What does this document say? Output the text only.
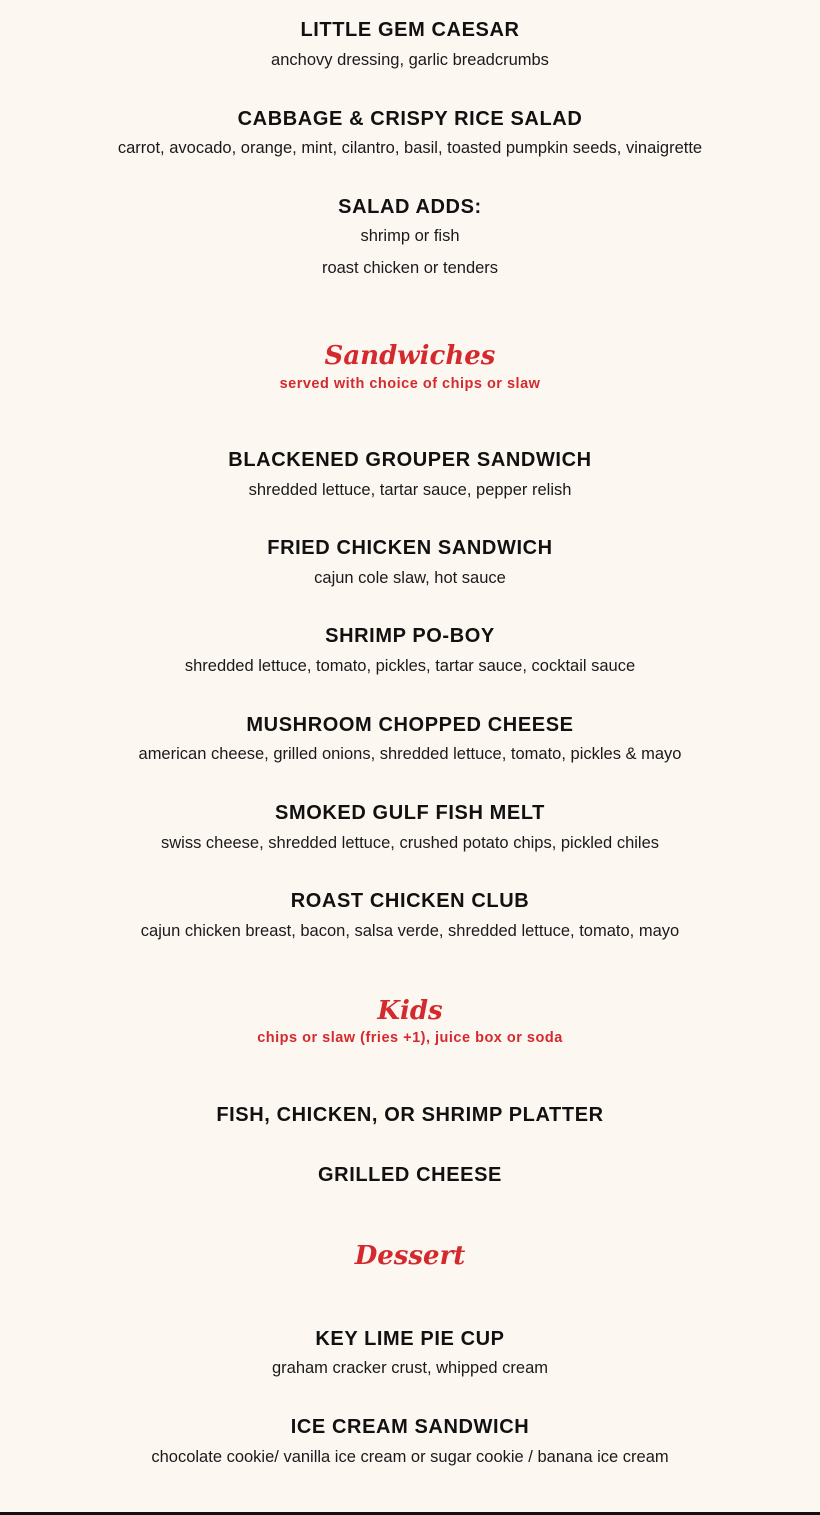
LITTLE GEM CAESAR
anchovy dressing, garlic breadcrumbs
CABBAGE & CRISPY RICE SALAD
carrot, avocado, orange, mint, cilantro, basil, toasted pumpkin seeds, vinaigrette
SALAD ADDS:
shrimp or fish
roast chicken or tenders
Sandwiches
served with choice of chips or slaw
BLACKENED GROUPER SANDWICH
shredded lettuce, tartar sauce, pepper relish
FRIED CHICKEN SANDWICH
cajun cole slaw, hot sauce
SHRIMP PO-BOY
shredded lettuce, tomato, pickles, tartar sauce, cocktail sauce
MUSHROOM CHOPPED CHEESE
american cheese, grilled onions, shredded lettuce, tomato, pickles & mayo
SMOKED GULF FISH MELT
swiss cheese, shredded lettuce, crushed potato chips, pickled chiles
ROAST CHICKEN CLUB
cajun chicken breast, bacon, salsa verde, shredded lettuce, tomato, mayo
Kids
chips or slaw (fries +1), juice box or soda
FISH, CHICKEN, OR SHRIMP PLATTER
GRILLED CHEESE
Dessert
KEY LIME PIE CUP
graham cracker crust, whipped cream
ICE CREAM SANDWICH
chocolate cookie/ vanilla ice cream or sugar cookie / banana ice cream
